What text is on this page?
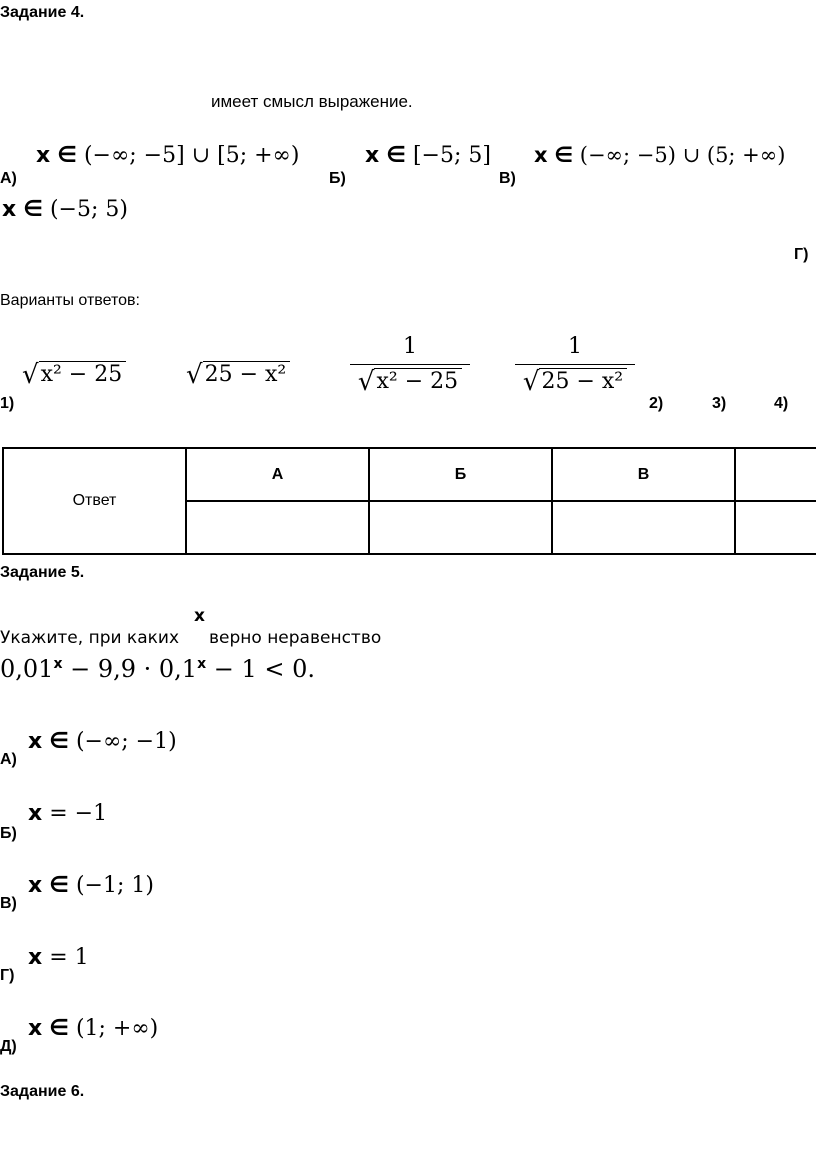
Задание 4.
имеет смысл выражение.
А)
x ∈ (−∞; −5] ∪ [5; +∞)
Б)
x ∈ [−5; 5]
В)
x ∈ (−∞; −5) ∪ (5; +∞)
x ∈ (−5; 5)
Г)
Варианты ответов:
√x² − 25 √25 − x²
1
√x² − 25
1
√25 − x²
1)	2)	3)	4)
Ответ	А	Б	В	

Задание 5.
x
Укажите, при каких верно неравенство
$0,01^x - 9,9 \cdot 0,1^x - 1 < 0$.
x ∈ (−∞; −1)
А)
x = −1
Б)
x ∈ (−1; 1)
В)
x = 1
Г)
x ∈ (1; +∞)
Д)
Задание 6.
